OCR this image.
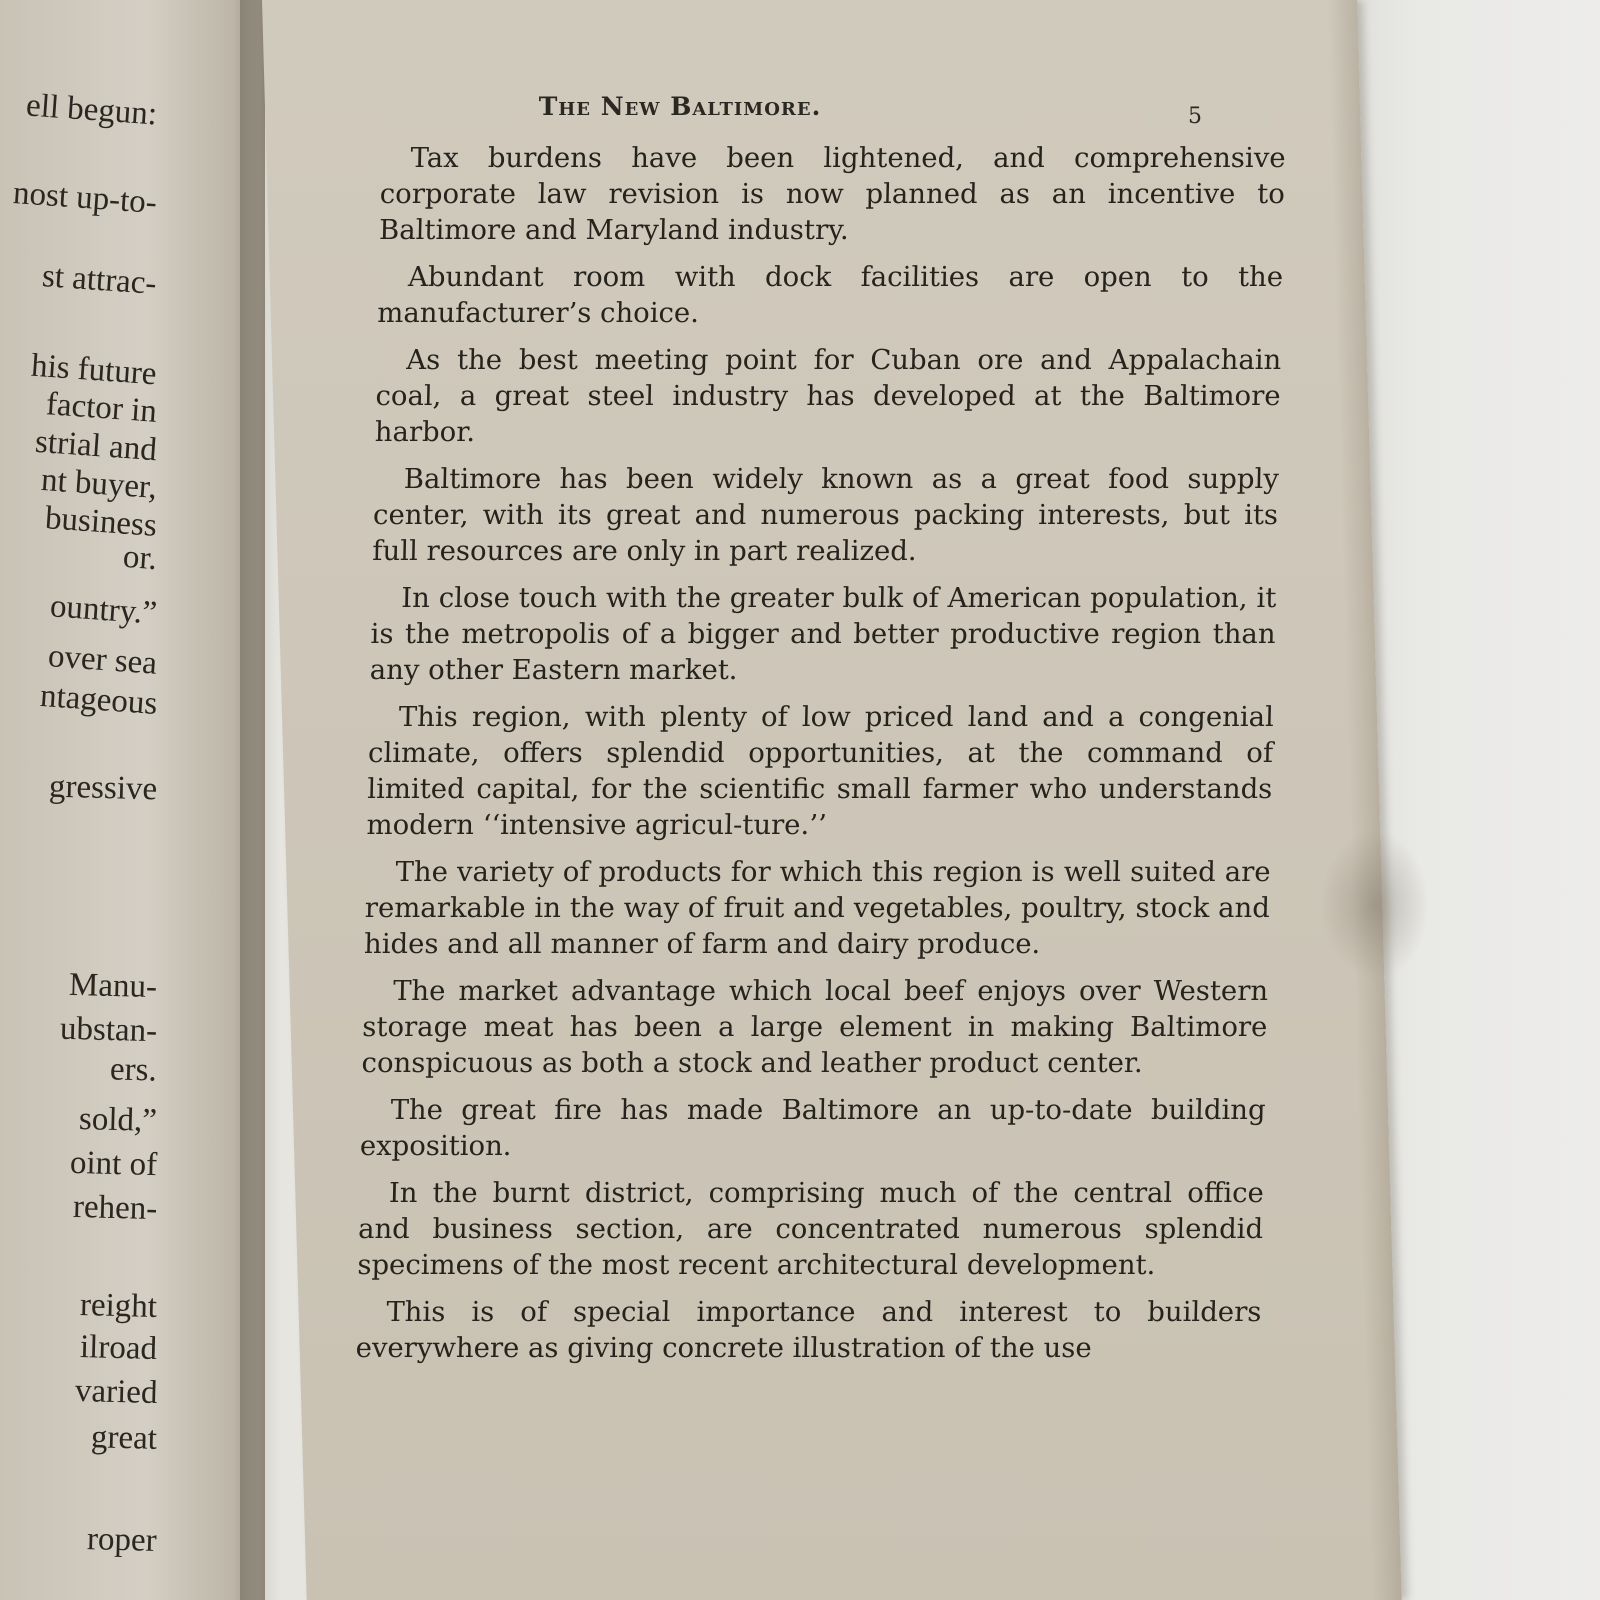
ell begun:
nost up-to-
st attrac-
his future
factor in
strial and
nt buyer,
business
or.
ountry.”
over sea
ntageous
gressive
Manu-
ubstan-
ers.
sold,”
oint of
rehen-
reight
ilroad
varied
great
roper
The New Baltimore.	5

Tax burdens have been lightened, and comprehensive corporate law revision is now planned as an incentive to Baltimore and Maryland industry.

Abundant room with dock facilities are open to the manufacturer’s choice.

As the best meeting point for Cuban ore and Appalachain coal, a great steel industry has developed at the Baltimore harbor.

Baltimore has been widely known as a great food supply center, with its great and numerous packing interests, but its full resources are only in part realized.

In close touch with the greater bulk of American population, it is the metropolis of a bigger and better productive region than any other Eastern market.

This region, with plenty of low priced land and a congenial climate, offers splendid opportunities, at the command of limited capital, for the scientific small farmer who understands modern ‘‘intensive agricul-ture.’’

The variety of products for which this region is well suited are remarkable in the way of fruit and vegetables, poultry, stock and hides and all manner of farm and dairy produce.

The market advantage which local beef enjoys over Western storage meat has been a large element in making Baltimore conspicuous as both a stock and leather product center.

The great fire has made Baltimore an up-to-date building exposition.

In the burnt district, comprising much of the central office and business section, are concentrated numerous splendid specimens of the most recent architectural development.

This is of special importance and interest to builders everywhere as giving concrete illustration of the use
